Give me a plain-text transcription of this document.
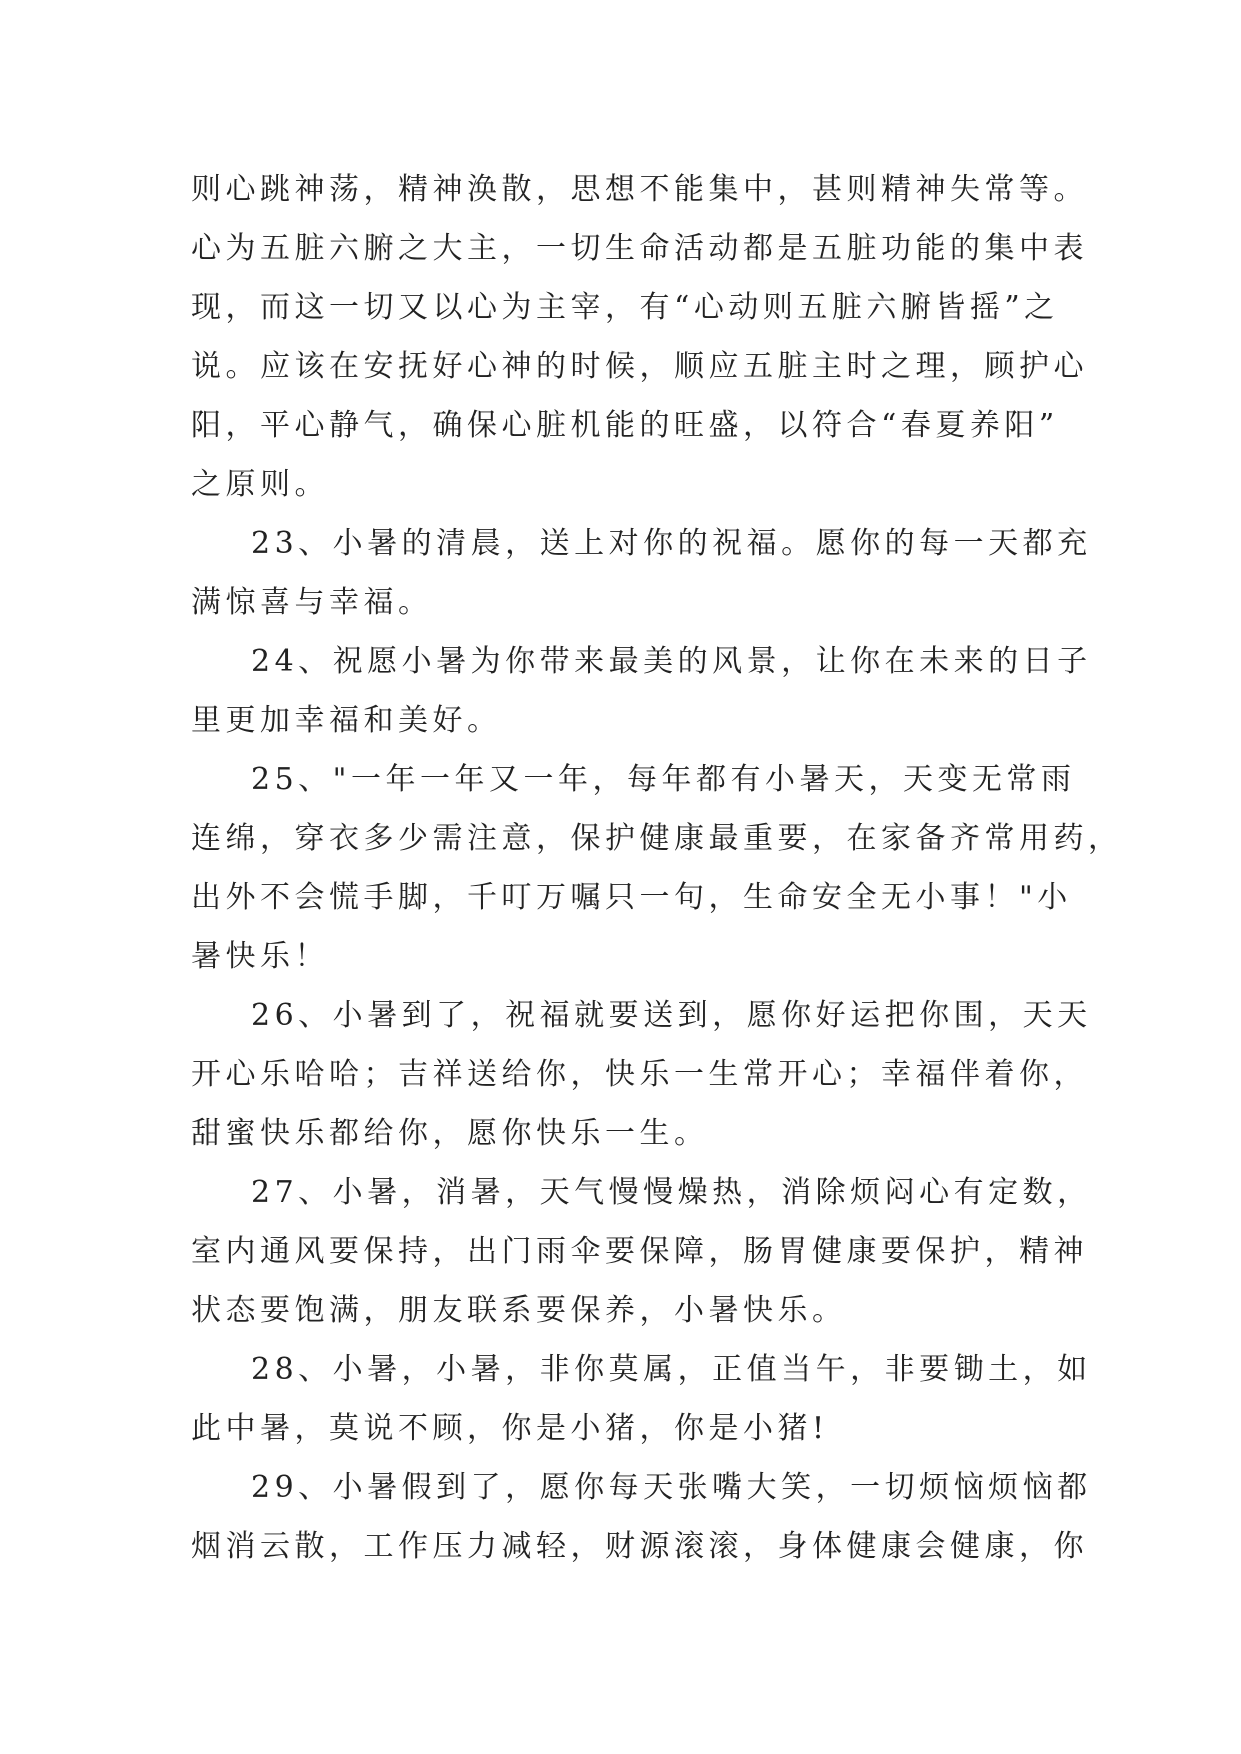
则心跳神荡，精神涣散，思想不能集中，甚则精神失常等。
心为五脏六腑之大主，一切生命活动都是五脏功能的集中表
现，而这一切又以心为主宰，有“心动则五脏六腑皆摇”之
说。应该在安抚好心神的时候，顺应五脏主时之理，顾护心
阳，平心静气，确保心脏机能的旺盛，以符合“春夏养阳”
之原则。
23、小暑的清晨，送上对你的祝福。愿你的每一天都充
满惊喜与幸福。
24、祝愿小暑为你带来最美的风景，让你在未来的日子
里更加幸福和美好。
25、"一年一年又一年，每年都有小暑天，天变无常雨
连绵，穿衣多少需注意，保护健康最重要，在家备齐常用药，
出外不会慌手脚，千叮万嘱只一句，生命安全无小事！"小
暑快乐！
26、小暑到了，祝福就要送到，愿你好运把你围，天天
开心乐哈哈；吉祥送给你，快乐一生常开心；幸福伴着你，
甜蜜快乐都给你，愿你快乐一生。
27、小暑，消暑，天气慢慢燥热，消除烦闷心有定数，
室内通风要保持，出门雨伞要保障，肠胃健康要保护，精神
状态要饱满，朋友联系要保养，小暑快乐。
28、小暑，小暑，非你莫属，正值当午，非要锄土，如
此中暑，莫说不顾，你是小猪，你是小猪!
29、小暑假到了，愿你每天张嘴大笑，一切烦恼烦恼都
烟消云散，工作压力减轻，财源滚滚，身体健康会健康，你
